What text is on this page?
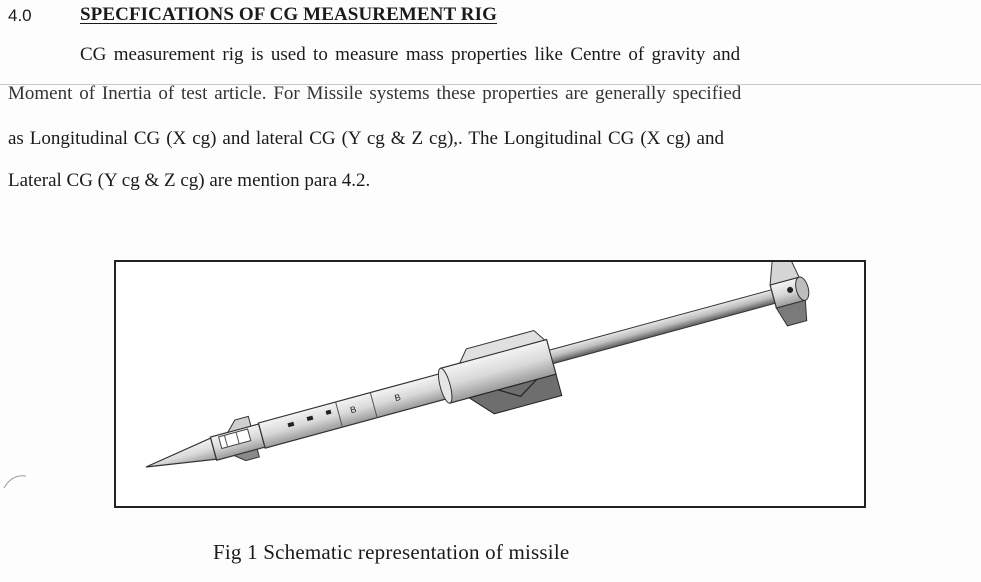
4.0	SPECFICATIONS OF CG MEASUREMENT RIG
CG measurement rig is used to measure mass properties like Centre of gravity and
Moment of Inertia of test article. For Missile systems these properties are generally specified
as Longitudinal CG (X cg) and lateral CG (Y cg & Z cg),. The Longitudinal CG (X cg) and
Lateral CG (Y cg & Z cg) are mention para 4.2.
B
B
Fig 1 Schematic representation of missile
